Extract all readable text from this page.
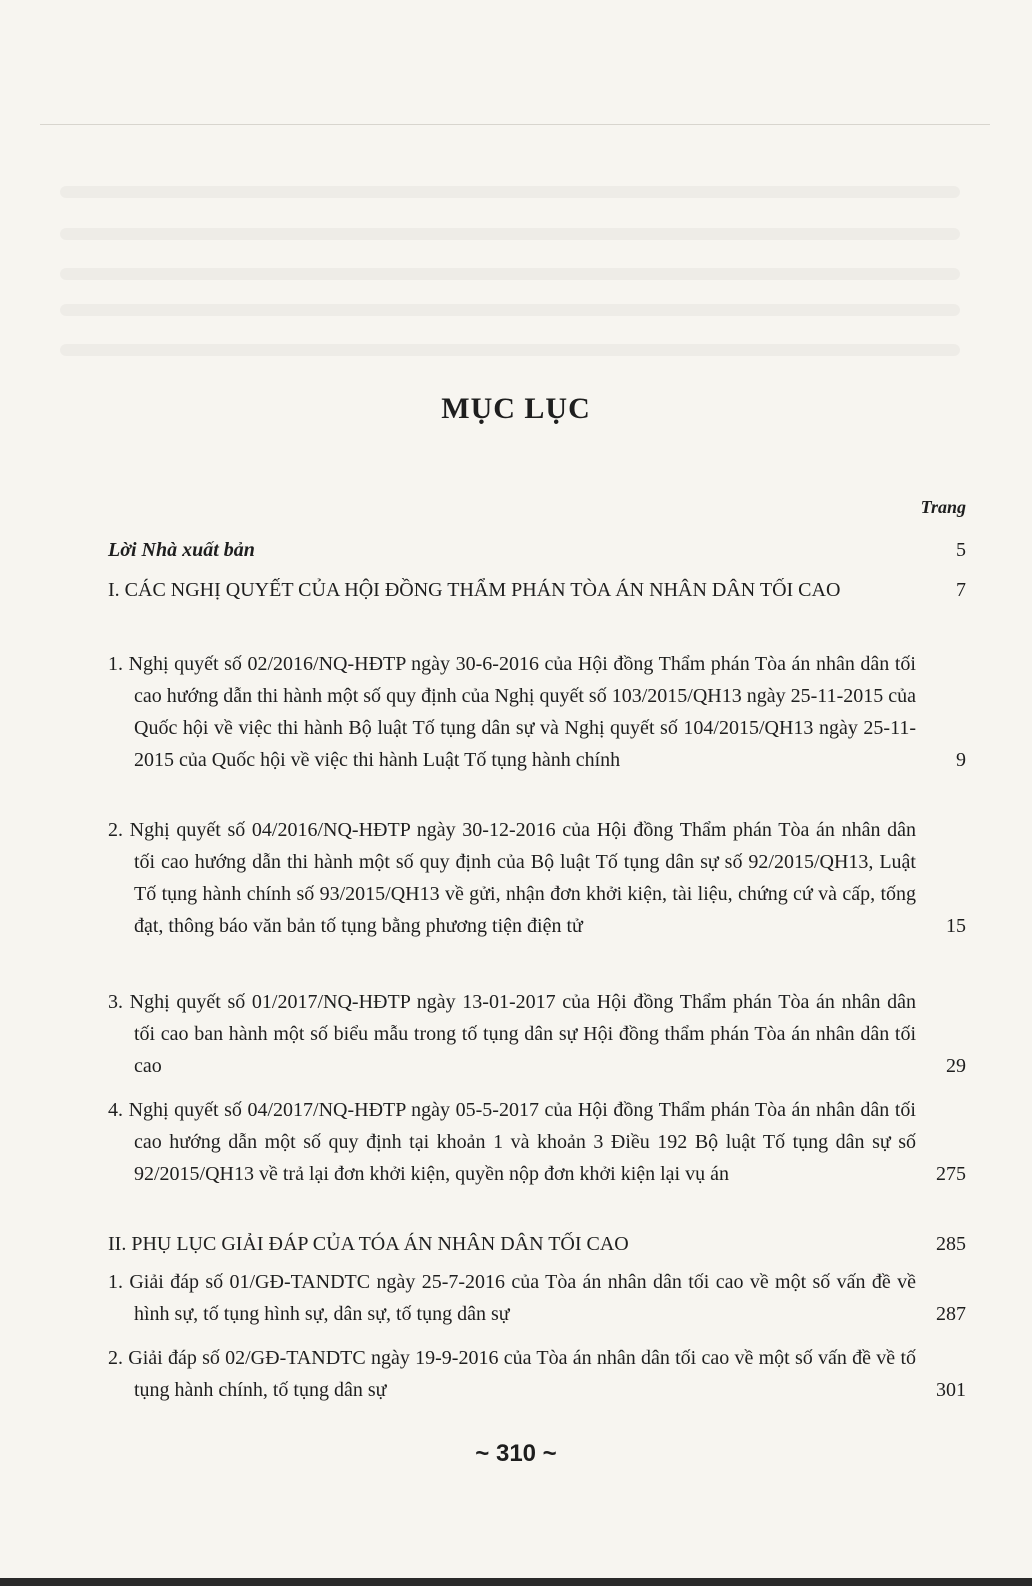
MỤC LỤC
Trang
Lời Nhà xuất bản	5
I. CÁC NGHỊ QUYẾT CỦA HỘI ĐỒNG THẨM PHÁN TÒA ÁN NHÂN DÂN TỐI CAO	7
1. Nghị quyết số 02/2016/NQ-HĐTP ngày 30-6-2016 của Hội đồng Thẩm phán Tòa án nhân dân tối cao hướng dẫn thi hành một số quy định của Nghị quyết số 103/2015/QH13 ngày 25-11-2015 của Quốc hội về việc thi hành Bộ luật Tố tụng dân sự và Nghị quyết số 104/2015/QH13 ngày 25-11-2015 của Quốc hội về việc thi hành Luật Tố tụng hành chính	9
2. Nghị quyết số 04/2016/NQ-HĐTP ngày 30-12-2016 của Hội đồng Thẩm phán Tòa án nhân dân tối cao hướng dẫn thi hành một số quy định của Bộ luật Tố tụng dân sự số 92/2015/QH13, Luật Tố tụng hành chính số 93/2015/QH13 về gửi, nhận đơn khởi kiện, tài liệu, chứng cứ và cấp, tống đạt, thông báo văn bản tố tụng bằng phương tiện điện tử	15
3. Nghị quyết số 01/2017/NQ-HĐTP ngày 13-01-2017 của Hội đồng Thẩm phán Tòa án nhân dân tối cao ban hành một số biểu mẫu trong tố tụng dân sự Hội đồng thẩm phán Tòa án nhân dân tối cao	29
4. Nghị quyết số 04/2017/NQ-HĐTP ngày 05-5-2017 của Hội đồng Thẩm phán Tòa án nhân dân tối cao hướng dẫn một số quy định tại khoản 1 và khoản 3 Điều 192 Bộ luật Tố tụng dân sự số 92/2015/QH13 về trả lại đơn khởi kiện, quyền nộp đơn khởi kiện lại vụ án	275
II. PHỤ LỤC GIẢI ĐÁP CỦA TÓA ÁN NHÂN DÂN TỐI CAO	285
1. Giải đáp số 01/GĐ-TANDTC ngày 25-7-2016 của Tòa án nhân dân tối cao về một số vấn đề về hình sự, tố tụng hình sự, dân sự, tố tụng dân sự	287
2. Giải đáp số 02/GĐ-TANDTC ngày 19-9-2016 của Tòa án nhân dân tối cao về một số vấn đề về tố tụng hành chính, tố tụng dân sự	301
~ 310 ~
